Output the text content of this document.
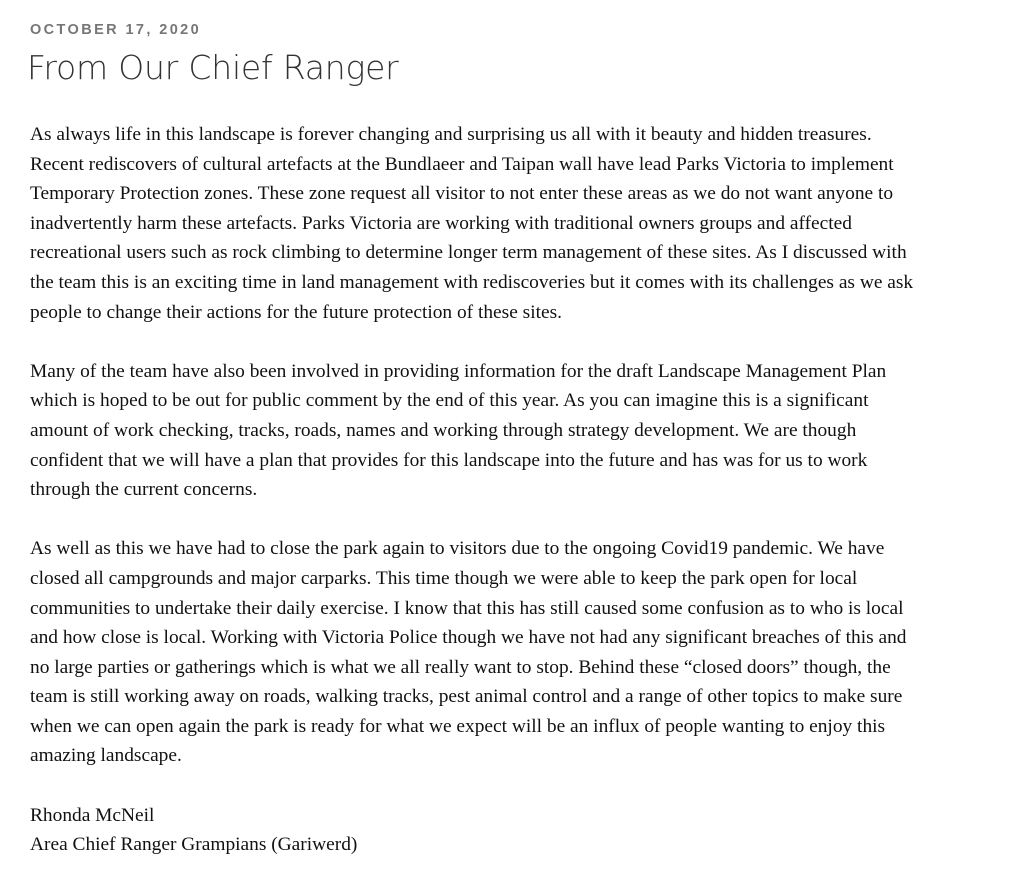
OCTOBER 17, 2020
From Our Chief Ranger

As always life in this landscape is forever changing and surprising us all with it beauty and hidden treasures.
Recent rediscovers of cultural artefacts at the Bundlaeer and Taipan wall have lead Parks Victoria to implement
Temporary Protection zones. These zone request all visitor to not enter these areas as we do not want anyone to
inadvertently harm these artefacts. Parks Victoria are working with traditional owners groups and affected
recreational users such as rock climbing to determine longer term management of these sites. As I discussed with
the team this is an exciting time in land management with rediscoveries but it comes with its challenges as we ask
people to change their actions for the future protection of these sites.

Many of the team have also been involved in providing information for the draft Landscape Management Plan
which is hoped to be out for public comment by the end of this year. As you can imagine this is a significant
amount of work checking, tracks, roads, names and working through strategy development. We are though
confident that we will have a plan that provides for this landscape into the future and has was for us to work
through the current concerns.

As well as this we have had to close the park again to visitors due to the ongoing Covid19 pandemic. We have
closed all campgrounds and major carparks. This time though we were able to keep the park open for local
communities to undertake their daily exercise. I know that this has still caused some confusion as to who is local
and how close is local. Working with Victoria Police though we have not had any significant breaches of this and
no large parties or gatherings which is what we all really want to stop. Behind these “closed doors” though, the
team is still working away on roads, walking tracks, pest animal control and a range of other topics to make sure
when we can open again the park is ready for what we expect will be an influx of people wanting to enjoy this
amazing landscape.

Rhonda McNeil
Area Chief Ranger Grampians (Gariwerd)
